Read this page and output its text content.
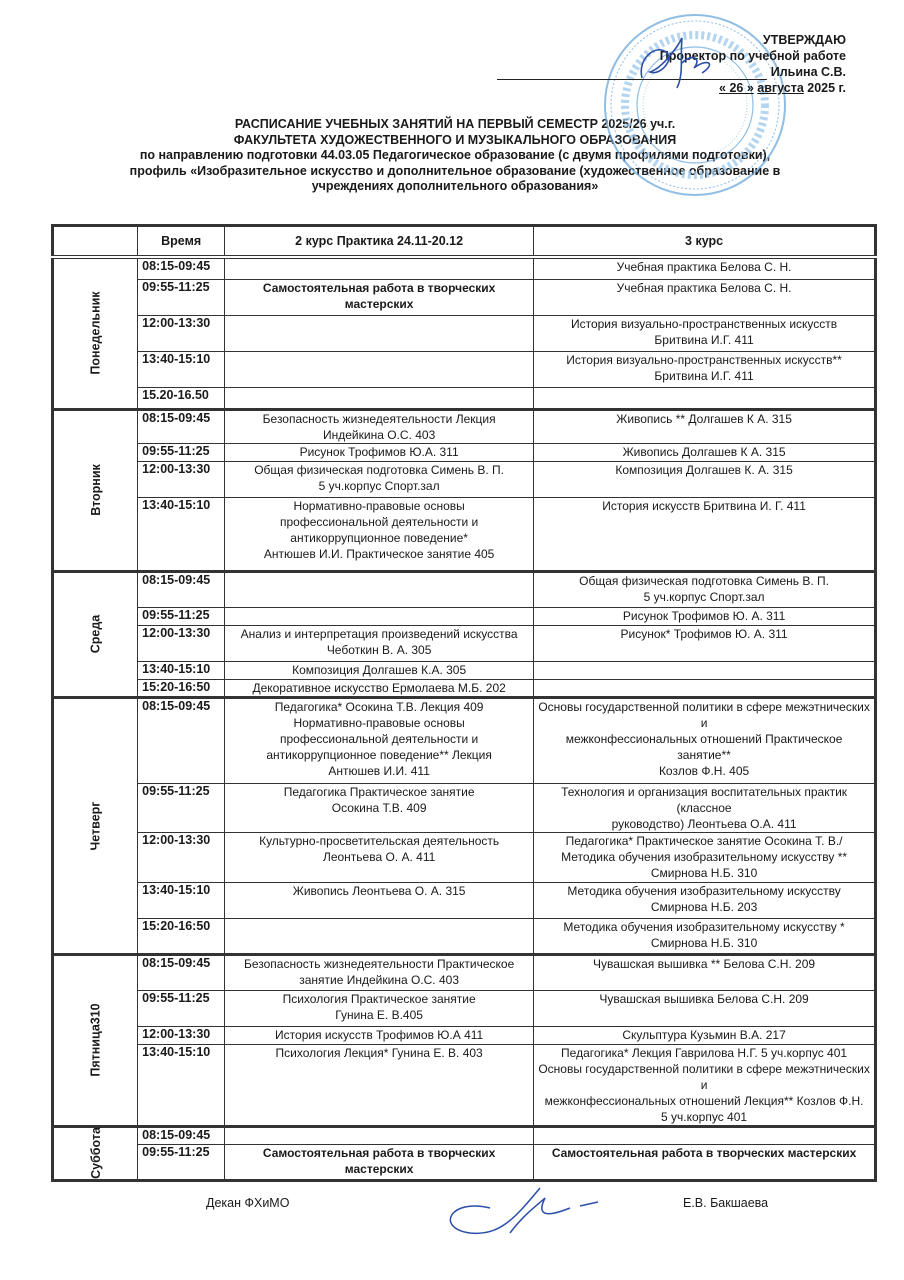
УТВЕРЖДАЮ
Проректор по учебной работе
Ильина С.В.
« 26 » августа 2025 г.
РАСПИСАНИЕ УЧЕБНЫХ ЗАНЯТИЙ НА ПЕРВЫЙ СЕМЕСТР 2025/26 уч.г.
ФАКУЛЬТЕТА ХУДОЖЕСТВЕННОГО И МУЗЫКАЛЬНОГО ОБРАЗОВАНИЯ
по направлению подготовки 44.03.05 Педагогическое образование (с двумя профилями подготовки),
профиль «Изобразительное искусство и дополнительное образование (художественное образование в
учреждениях дополнительного образования»
	Время	2 курс Практика 24.11-20.12	3 курс
Понедельник	08:15-09:45		Учебная практика Белова С. Н.
	09:55-11:25	Самостоятельная работа в творческих мастерских	Учебная практика Белова С. Н.
	12:00-13:30		История визуально-пространственных искусств
Бритвина И.Г. 411
	13:40-15:10		История визуально-пространственных искусств**
Бритвина И.Г. 411
	15.20-16.50		
Вторник	08:15-09:45	Безопасность жизнедеятельности Лекция
Индейкина О.С. 403	Живопись ** Долгашев К А. 315
	09:55-11:25	Рисунок Трофимов Ю.А. 311	Живопись Долгашев К А. 315
	12:00-13:30	Общая физическая подготовка Симень В. П.
5 уч.корпус Спорт.зал	Композиция Долгашев К. А. 315
	13:40-15:10	Нормативно-правовые основы
профессиональной деятельности и
антикоррупционное поведение*
Антюшев И.И. Практическое занятие 405	История искусств Бритвина И. Г. 411
Среда	08:15-09:45		Общая физическая подготовка Симень В. П.
5 уч.корпус Спорт.зал
	09:55-11:25		Рисунок Трофимов Ю. А. 311
	12:00-13:30	Анализ и интерпретация произведений искусства
Чеботкин В. А. 305	Рисунок* Трофимов Ю. А. 311
	13:40-15:10	Композиция Долгашев К.А. 305	
	15:20-16:50	Декоративное искусство Ермолаева М.Б. 202	
Четверг	08:15-09:45	Педагогика* Осокина Т.В. Лекция 409
Нормативно-правовые основы
профессиональной деятельности и
антикоррупционное поведение** Лекция
Антюшев И.И. 411	Основы государственной политики в сфере межэтнических и
межконфессиональных отношений Практическое занятие**
Козлов Ф.Н. 405
	09:55-11:25	Педагогика Практическое занятие
Осокина Т.В. 409	Технология и организация воспитательных практик (классное
руководство) Леонтьева О.А. 411
	12:00-13:30	Культурно-просветительская деятельность
Леонтьева О. А. 411	Педагогика* Практическое занятие Осокина Т. В./
Методика обучения изобразительному искусству **
Смирнова Н.Б. 310
	13:40-15:10	Живопись Леонтьева О. А. 315	Методика обучения изобразительному искусству
Смирнова Н.Б. 203
	15:20-16:50		Методика обучения изобразительному искусству *
Смирнова Н.Б. 310
Пятница310	08:15-09:45	Безопасность жизнедеятельности Практическое
занятие Индейкина О.С. 403	Чувашская вышивка ** Белова С.Н. 209
	09:55-11:25	Психология Практическое занятие
Гунина Е. В.405	Чувашская вышивка Белова С.Н. 209
	12:00-13:30	История искусств Трофимов Ю.А 411	Скульптура Кузьмин В.А. 217
	13:40-15:10	Психология Лекция* Гунина Е. В. 403	Педагогика* Лекция Гаврилова Н.Г. 5 уч.корпус 401
Основы государственной политики в сфере межэтнических и
межконфессиональных отношений Лекция** Козлов Ф.Н.
5 уч.корпус 401
Суббота	08:15-09:45		
	09:55-11:25	Самостоятельная работа в творческих
мастерских	Самостоятельная работа в творческих мастерских
Декан ФХиМО	Е.В. Бакшаева
